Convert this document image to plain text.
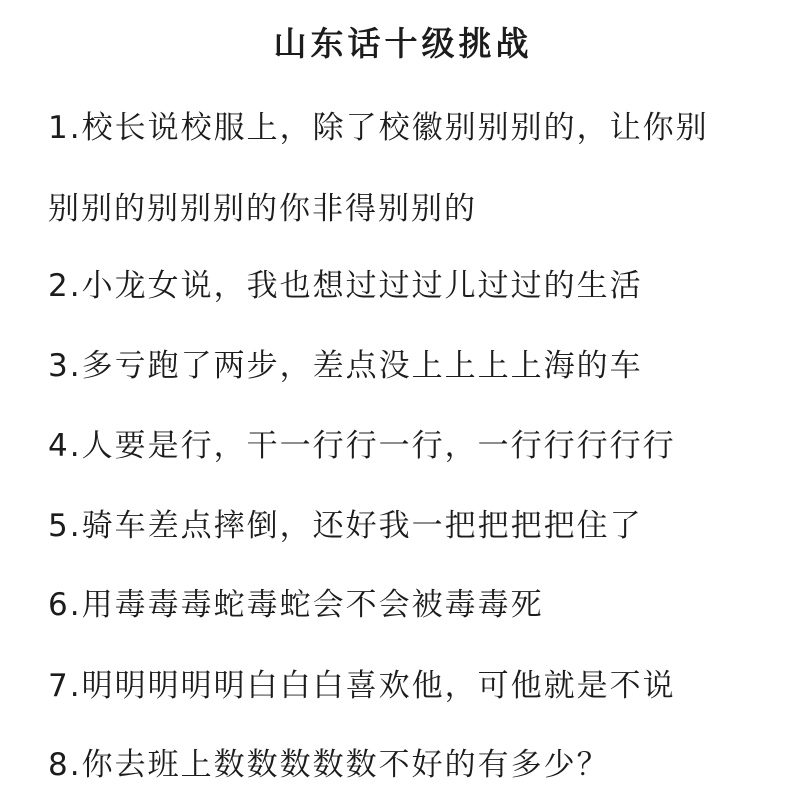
山东话十级挑战
1.校长说校服上，除了校徽别别别的，让你别
别别的别别别的你非得别别的
2.小龙女说，我也想过过过儿过过的生活
3.多亏跑了两步，差点没上上上上海的车
4.人要是行，干一行行一行，一行行行行行
5.骑车差点摔倒，还好我一把把把把住了
6.用毒毒毒蛇毒蛇会不会被毒毒死
7.明明明明明白白白喜欢他，可他就是不说
8.你去班上数数数数数不好的有多少？
